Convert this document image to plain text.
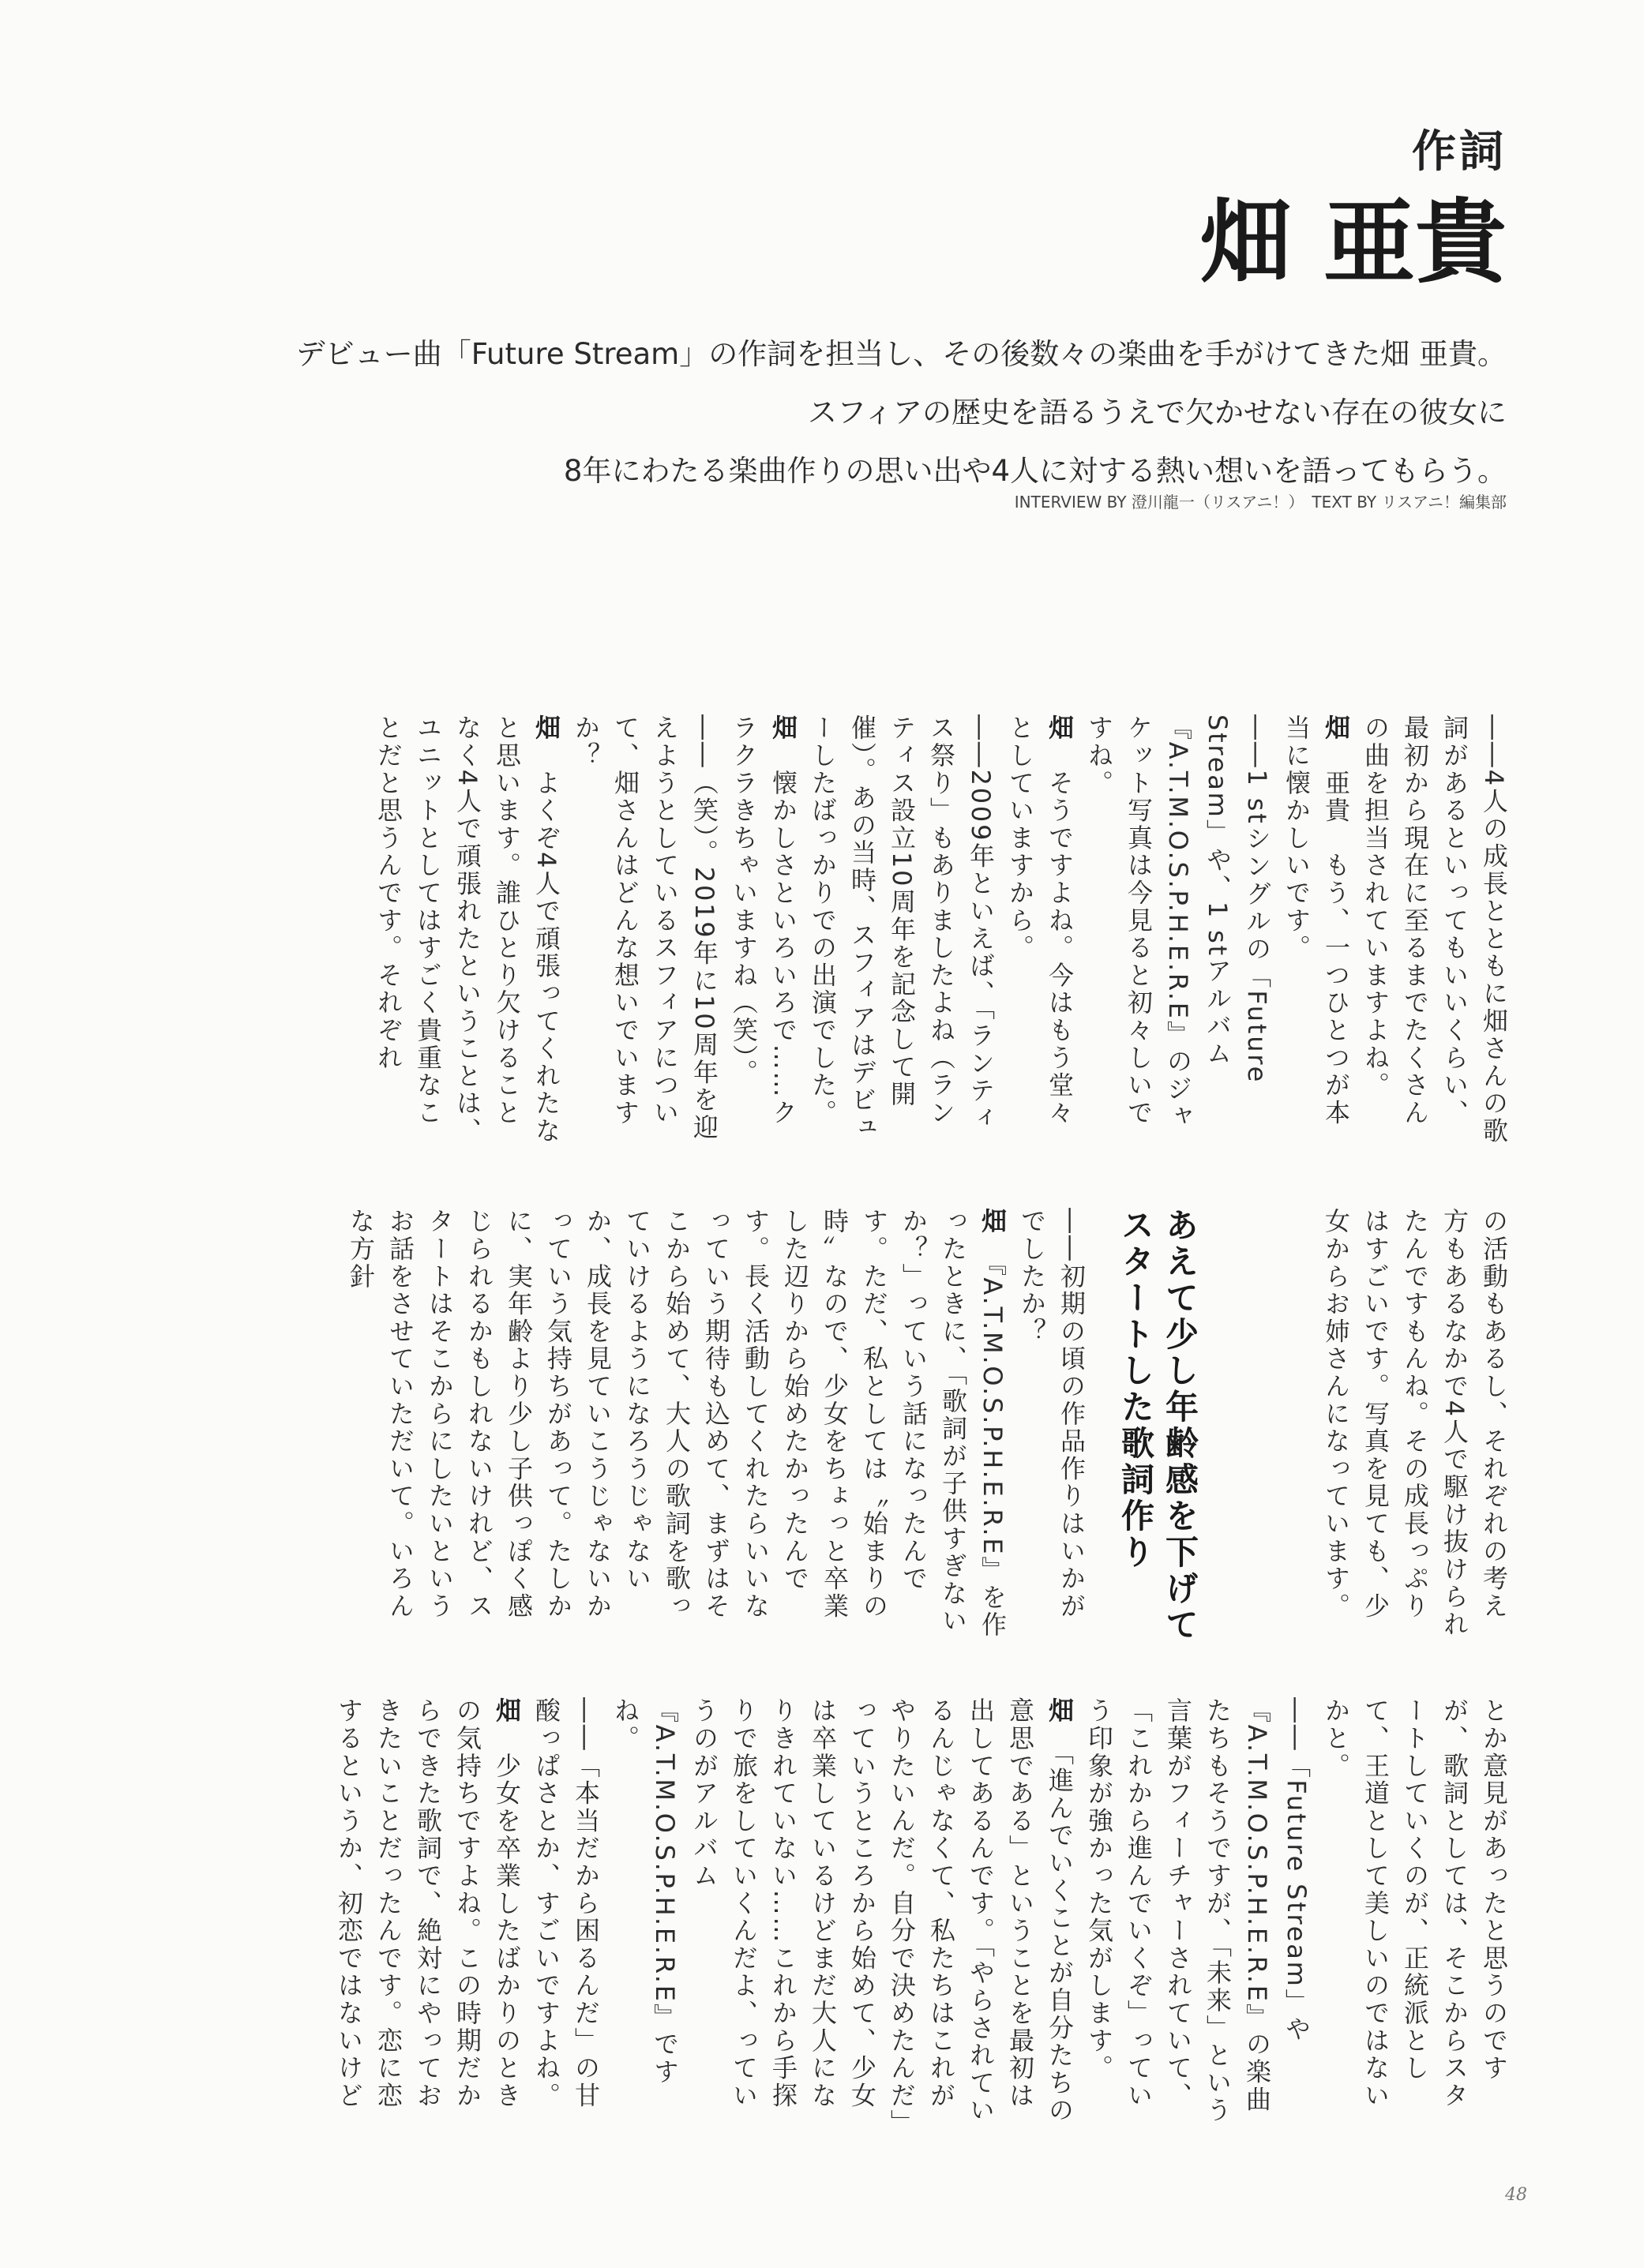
作詞
畑 亜貴
デビュー曲「Future Stream」の作詞を担当し、その後数々の楽曲を手がけてきた畑 亜貴。
スフィアの歴史を語るうえで欠かせない存在の彼女に
8年にわたる楽曲作りの思い出や4人に対する熱い想いを語ってもらう。
INTERVIEW BY 澄川龍一（リスアニ！）　TEXT BY リスアニ！編集部

――4人の成長とともに畑さんの歌詞があるといってもいいくらい、最初から現在に至るまでたくさんの曲を担当されていますよね。

畑　亜貴　もう、一つひとつが本当に懐かしいです。

――1 stシングルの「Future Stream」や、1 stアルバム『A.T.M.O.S.P.H.E.R.E』のジャケット写真は今見ると初々しいですね。

畑　そうですよね。今はもう堂々としていますから。

――2009年といえば、「ランティス祭り」もありましたよね（ランティス設立10周年を記念して開催）。あの当時、スフィアはデビューしたばっかりでの出演でした。

畑　懐かしさといろいろで……クラクラきちゃいますね（笑）。

――（笑）。2019年に10周年を迎えようとしているスフィアについて、畑さんはどんな想いでいますか？

畑　よくぞ4人で頑張ってくれたなと思います。誰ひとり欠けることなく4人で頑張れたということは、ユニットとしてはすごく貴重なことだと思うんです。それぞれ

の活動もあるし、それぞれの考え方もあるなかで4人で駆け抜けられたんですもんね。その成長っぷりはすごいです。写真を見ても、少女からお姉さんになっています。

あえて少し年齢感を下げてスタートした歌詞作り

――初期の頃の作品作りはいかがでしたか？

畑　『A.T.M.O.S.P.H.E.R.E』を作ったときに、「歌詞が子供すぎないか？」っていう話になったんです。ただ、私としては〝始まりの時〟なので、少女をちょっと卒業した辺りから始めたかったんです。長く活動してくれたらいいなっていう期待も込めて、まずはそこから始めて、大人の歌詞を歌っていけるようになろうじゃないか、成長を見ていこうじゃないかっていう気持ちがあって。たしかに、実年齢より少し子供っぽく感じられるかもしれないけれど、スタートはそこからにしたいというお話をさせていただいて。いろんな方針

とか意見があったと思うのですが、歌詞としては、そこからスタートしていくのが、正統派として、王道として美しいのではないかと。

――「Future Stream」や『A.T.M.O.S.P.H.E.R.E』の楽曲たちもそうですが、「未来」という言葉がフィーチャーされていて、「これから進んでいくぞ」っていう印象が強かった気がします。

畑　「進んでいくことが自分たちの意思である」ということを最初は出してあるんです。「やらされているんじゃなくて、私たちはこれがやりたいんだ。自分で決めたんだ」っていうところから始めて、少女は卒業しているけどまだ大人になりきれていない……これから手探りで旅をしていくんだよ、っていうのがアルバム『A.T.M.O.S.P.H.E.R.E』ですね。

――「本当だから困るんだ」の甘酸っぱさとか、すごいですよね。

畑　少女を卒業したばかりのときの気持ちですよね。この時期だからできた歌詞で、絶対にやっておきたいことだったんです。恋に恋するというか、初恋ではないけど

48
